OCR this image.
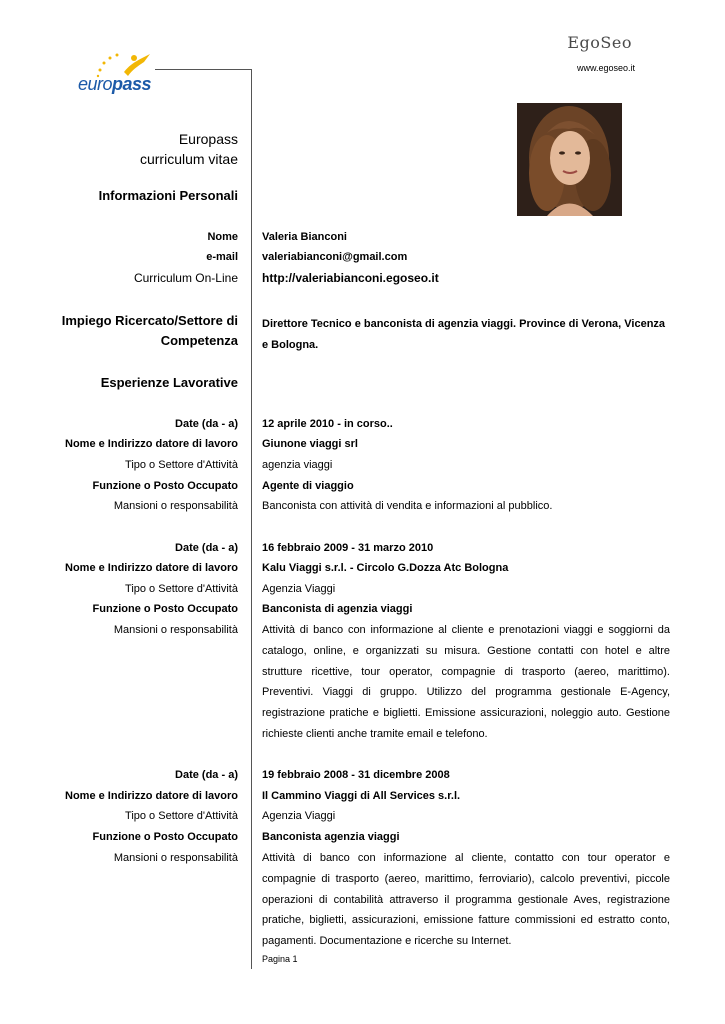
europass
EgoSeo
www.egoseo.it
Europass
curriculum vitae
Informazioni Personali
Nome Valeria Bianconi
e-mail valeriabianconi@gmail.com
Curriculum On-Line http://valeriabianconi.egoseo.it
Impiego Ricercato/Settore di
Competenza
Direttore Tecnico e banconista di agenzia viaggi. Province di Verona, Vicenza
e Bologna.
Esperienze Lavorative
Date (da - a) 12 aprile 2010 - in corso..
Nome e Indirizzo datore di lavoro Giunone viaggi srl
Tipo o Settore d'Attività agenzia viaggi
Funzione o Posto Occupato Agente di viaggio
Mansioni o responsabilità Banconista con attività di vendita e informazioni al pubblico.
Date (da - a) 16 febbraio 2009 - 31 marzo 2010
Nome e Indirizzo datore di lavoro Kalu Viaggi s.r.l. - Circolo G.Dozza Atc Bologna
Tipo o Settore d'Attività Agenzia Viaggi
Funzione o Posto Occupato Banconista di agenzia viaggi
Mansioni o responsabilità Attività di banco con informazione al cliente e prenotazioni viaggi e soggiorni da catalogo, online, e organizzati su misura. Gestione contatti con hotel e altre strutture ricettive, tour operator, compagnie di trasporto (aereo, marittimo). Preventivi. Viaggi di gruppo. Utilizzo del programma gestionale E-Agency, registrazione pratiche e biglietti. Emissione assicurazioni, noleggio auto. Gestione richieste clienti anche tramite email e telefono.
Date (da - a) 19 febbraio 2008 - 31 dicembre 2008
Nome e Indirizzo datore di lavoro Il Cammino Viaggi di All Services s.r.l.
Tipo o Settore d'Attività Agenzia Viaggi
Funzione o Posto Occupato Banconista agenzia viaggi
Mansioni o responsabilità Attività di banco con informazione al cliente, contatto con tour operator e compagnie di trasporto (aereo, marittimo, ferroviario), calcolo preventivi, piccole operazioni di contabilità attraverso il programma gestionale Aves, registrazione pratiche, biglietti, assicurazioni, emissione fatture commissioni ed estratto conto, pagamenti. Documentazione e ricerche su Internet.
Pagina 1
